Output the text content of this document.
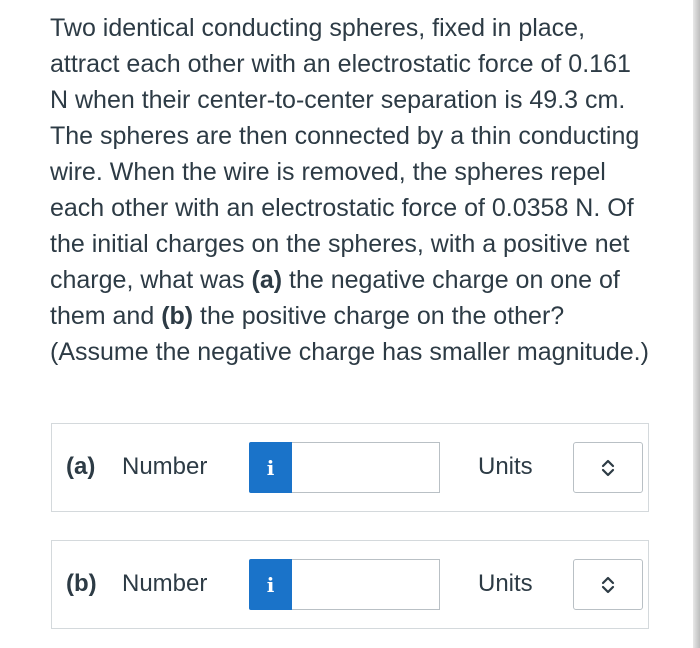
Two identical conducting spheres, fixed in place, attract each other with an electrostatic force of 0.161 N when their center-to-center separation is 49.3 cm. The spheres are then connected by a thin conducting wire. When the wire is removed, the spheres repel each other with an electrostatic force of 0.0358 N. Of the initial charges on the spheres, with a positive net charge, what was (a) the negative charge on one of them and (b) the positive charge on the other? (Assume the negative charge has smaller magnitude.)
(a) Number	i	Units
(b) Number	i	Units
